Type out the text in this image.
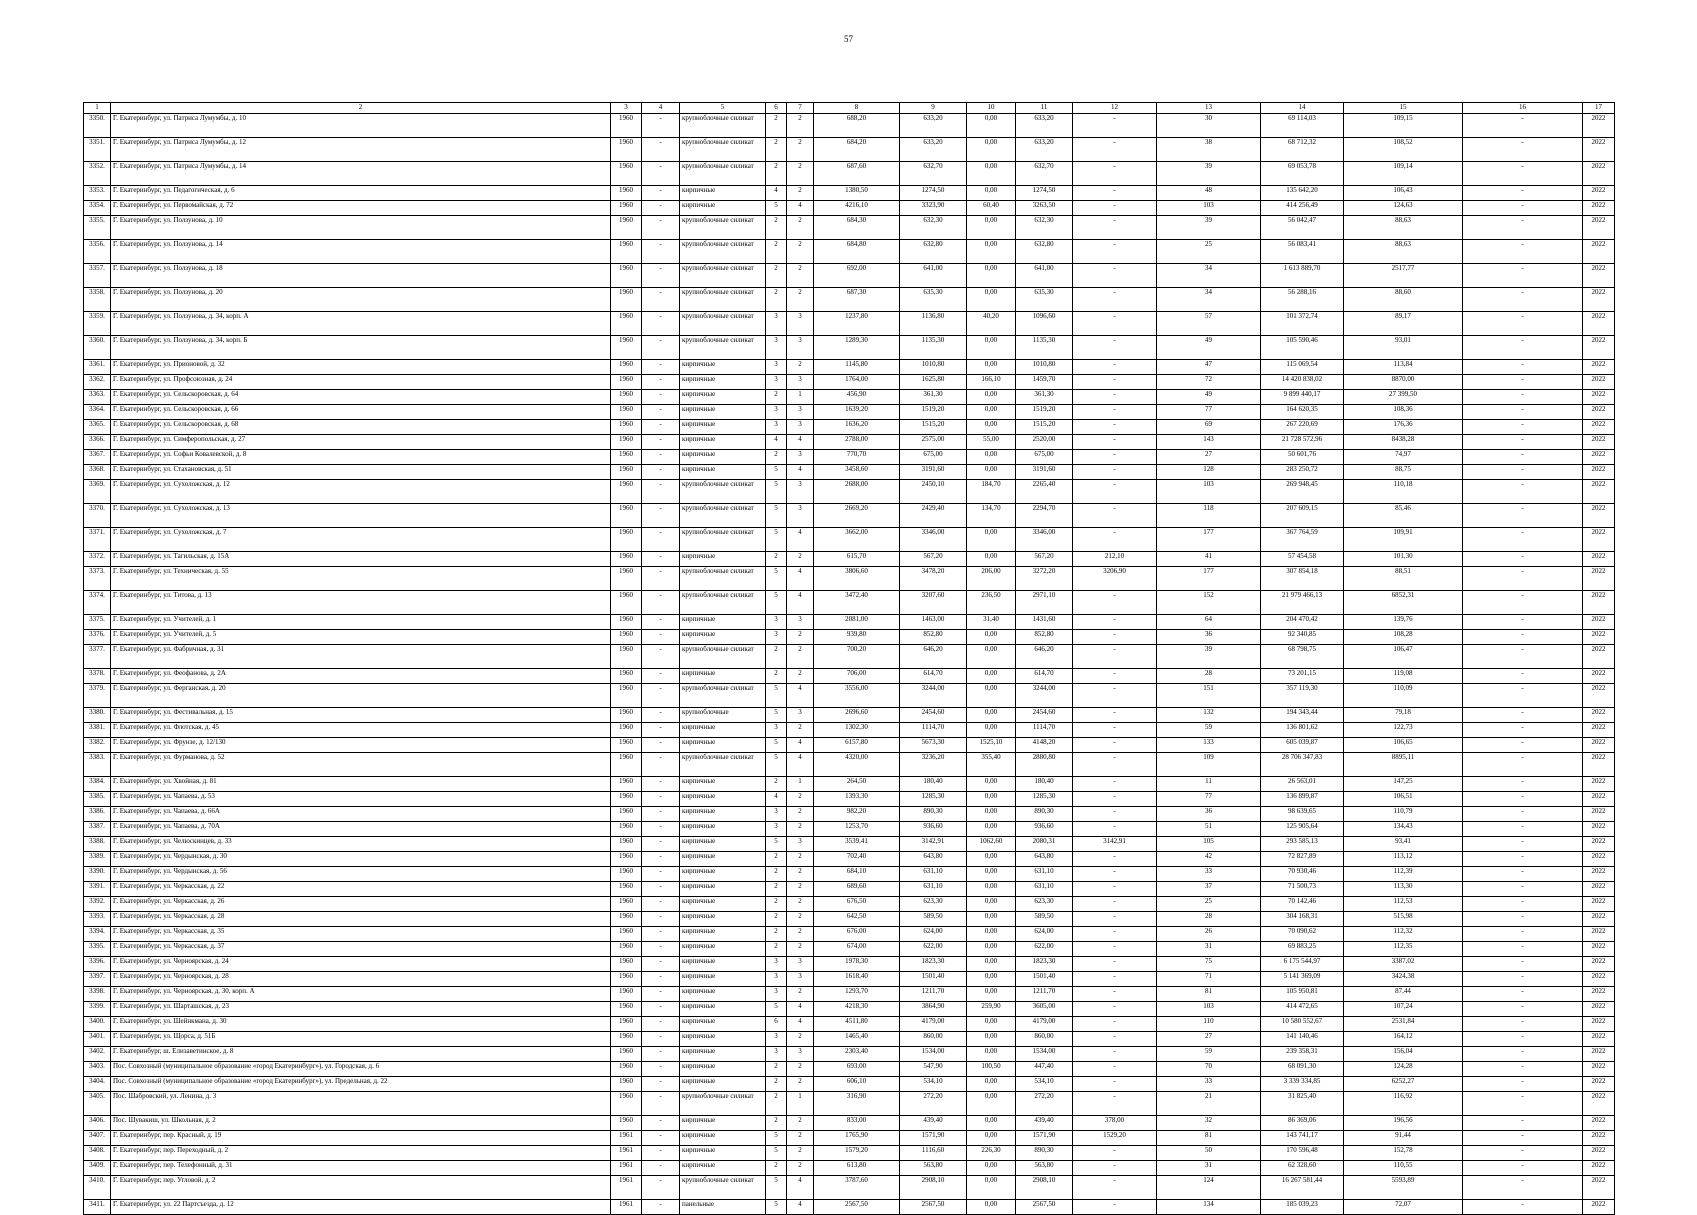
57
1	2	3	4	5	6	7	8	9	10	11	12	13	14	15	16	17
3350.	Г. Екатеринбург, ул. Патриса Лумумбы, д. 10	1960	-	крупноблочные силикат	2	2	688,20	633,20	0,00	633,20	-	30	69 114,03	109,15	-	2022
3351.	Г. Екатеринбург, ул. Патриса Лумумбы, д. 12	1960	-	крупноблочные силикат	2	2	684,20	633,20	0,00	633,20	-	38	68 712,32	108,52	-	2022
3352.	Г. Екатеринбург, ул. Патриса Лумумбы, д. 14	1960	-	крупноблочные силикат	2	2	687,60	632,70	0,00	632,70	-	39	69 053,78	109,14	-	2022
3353.	Г. Екатеринбург, ул. Педагогическая, д. 6	1960	-	кирпичные	4	2	1380,50	1274,50	0,00	1274,50	-	48	135 642,20	106,43	-	2022
3354.	Г. Екатеринбург, ул. Первомайская, д. 72	1960	-	кирпичные	5	4	4216,10	3323,90	60,40	3263,50	-	103	414 256,49	124,63	-	2022
3355.	Г. Екатеринбург, ул. Ползунова, д. 10	1960	-	крупноблочные силикат	2	2	684,30	632,30	0,00	632,30	-	39	56 042,47	88,63	-	2022
3356.	Г. Екатеринбург, ул. Ползунова, д. 14	1960	-	крупноблочные силикат	2	2	684,80	632,80	0,00	632,80	-	25	56 083,41	88,63	-	2022
3357.	Г. Екатеринбург, ул. Ползунова, д. 18	1960	-	крупноблочные силикат	2	2	692,00	641,00	0,00	641,00	-	34	1 613 889,70	2517,77	-	2022
3358.	Г. Екатеринбург, ул. Ползунова, д. 20	1960	-	крупноблочные силикат	2	2	687,30	635,30	0,00	635,30	-	34	56 288,16	88,60	-	2022
3359.	Г. Екатеринбург, ул. Ползунова, д. 34, корп. А	1960	-	крупноблочные силикат	3	3	1237,80	1136,80	40,20	1096,60	-	57	101 372,74	89,17	-	2022
3360.	Г. Екатеринбург, ул. Ползунова, д. 34, корп. Б	1960	-	крупноблочные силикат	3	3	1289,30	1135,30	0,00	1135,30	-	49	105 590,46	93,01	-	2022
3361.	Г. Екатеринбург, ул. Прионовой, д. 32	1960	-	кирпичные	3	2	1145,80	1010,80	0,00	1010,80	-	47	115 069,54	113,84	-	2022
3362.	Г. Екатеринбург, ул. Профсоюзная, д. 24	1960	-	кирпичные	3	3	1764,00	1625,80	166,10	1459,70	-	72	14 420 838,02	8870,00	-	2022
3363.	Г. Екатеринбург, ул. Сельскоровская, д. 64	1960	-	кирпичные	2	1	456,90	361,30	0,00	361,30	-	49	9 899 440,17	27 399,50	-	2022
3364.	Г. Екатеринбург, ул. Сельскоровская, д. 66	1960	-	кирпичные	3	3	1639,20	1519,20	0,00	1519,20	-	77	164 620,35	108,36	-	2022
3365.	Г. Екатеринбург, ул. Сельскоровская, д. 68	1960	-	кирпичные	3	3	1636,20	1515,20	0,00	1515,20	-	69	267 220,69	176,36	-	2022
3366.	Г. Екатеринбург, ул. Симферопольская, д. 27	1960	-	кирпичные	4	4	2788,00	2575,00	55,00	2520,00	-	143	21 728 572,96	8438,28	-	2022
3367.	Г. Екатеринбург, ул. Софьи Ковалевской, д. 8	1960	-	кирпичные	2	3	770,70	675,00	0,00	675,00	-	27	50 601,76	74,97	-	2022
3368.	Г. Екатеринбург, ул. Стахановская, д. 51	1960	-	кирпичные	5	4	3458,60	3191,60	0,00	3191,60	-	128	283 250,72	88,75	-	2022
3369.	Г. Екатеринбург, ул. Сухоложская, д. 12	1960	-	крупноблочные силикат	5	3	2688,00	2450,10	184,70	2265,40	-	103	269 948,45	110,18	-	2022
3370.	Г. Екатеринбург, ул. Сухоложская, д. 13	1960	-	крупноблочные силикат	5	3	2669,20	2429,40	134,70	2294,70	-	118	207 609,15	85,46	-	2022
3371.	Г. Екатеринбург, ул. Сухоложская, д. 7	1960	-	крупноблочные силикат	5	4	3662,00	3346,00	0,00	3346,00	-	177	367 764,59	109,91	-	2022
3372.	Г. Екатеринбург, ул. Тагильская, д. 15А	1960	-	кирпичные	2	2	615,70	567,20	0,00	567,20	212,10	41	57 454,58	101,30	-	2022
3373.	Г. Екатеринбург, ул. Техническая, д. 55	1960	-	крупноблочные силикат	5	4	3806,60	3478,20	206,00	3272,20	3206,90	177	307 854,18	88,51	-	2022
3374.	Г. Екатеринбург, ул. Титова, д. 13	1960	-	крупноблочные силикат	5	4	3472,40	3207,60	236,50	2971,10	-	152	21 979 466,13	6852,31	-	2022
3375.	Г. Екатеринбург, ул. Учителей, д. 1	1960	-	кирпичные	3	3	2081,00	1463,00	31,40	1431,60	-	64	204 470,42	139,76	-	2022
3376.	Г. Екатеринбург, ул. Учителей, д. 5	1960	-	кирпичные	3	2	939,80	852,80	0,00	852,80	-	36	92 340,85	108,28	-	2022
3377.	Г. Екатеринбург, ул. Фабричная, д. 31	1960	-	крупноблочные силикат	2	2	700,20	646,20	0,00	646,20	-	39	68 798,75	106,47	-	2022
3378.	Г. Екатеринбург, ул. Феофанова, д. 2А	1960	-	кирпичные	2	2	706,00	614,70	0,00	614,70	-	28	73 201,15	119,08	-	2022
3379.	Г. Екатеринбург, ул. Ферганская, д. 20	1960	-	крупноблочные силикат	5	4	3556,00	3244,00	0,00	3244,00	-	151	357 119,30	110,09	-	2022
3380.	Г. Екатеринбург, ул. Фестивальная, д. 15	1960	-	крупноблочные	5	3	2696,60	2454,60	0,00	2454,60	-	132	194 343,44	79,18	-	2022
3381.	Г. Екатеринбург, ул. Флотская, д. 45	1960	-	кирпичные	3	2	1302,30	1114,70	0,00	1114,70	-	59	136 801,62	122,73	-	2022
3382.	Г. Екатеринбург, ул. Фрунзе, д. 12/130	1960	-	кирпичные	5	4	6157,80	5673,30	1525,10	4148,20	-	133	605 039,87	106,65	-	2022
3383.	Г. Екатеринбург, ул. Фурманова, д. 52	1960	-	крупноблочные силикат	5	4	4320,00	3236,20	355,40	2880,80	-	109	28 706 347,83	8895,11	-	2022
3384.	Г. Екатеринбург, ул. Хвойная, д. 81	1960	-	кирпичные	2	1	264,50	180,40	0,00	180,40	-	11	26 563,01	147,25	-	2022
3385.	Г. Екатеринбург, ул. Чапаева, д. 53	1960	-	кирпичные	4	2	1393,30	1285,30	0,00	1285,30	-	77	136 899,87	106,51	-	2022
3386.	Г. Екатеринбург, ул. Чапаева, д. 66А	1960	-	кирпичные	3	2	982,20	890,30	0,00	890,30	-	36	98 639,65	110,79	-	2022
3387.	Г. Екатеринбург, ул. Чапаева, д. 70А	1960	-	кирпичные	3	2	1253,70	936,60	0,00	936,60	-	51	125 905,64	134,43	-	2022
3388.	Г. Екатеринбург, ул. Челюскинцев, д. 33	1960	-	кирпичные	5	3	3539,41	3142,91	1062,60	2080,31	3142,91	105	293 585,13	93,41	-	2022
3389.	Г. Екатеринбург, ул. Чердынская, д. 30	1960	-	кирпичные	2	2	702,40	643,80	0,00	643,80	-	42	72 827,89	113,12	-	2022
3390.	Г. Екатеринбург, ул. Чердынская, д. 56	1960	-	кирпичные	2	2	684,10	631,10	0,00	631,10	-	33	70 930,46	112,39	-	2022
3391.	Г. Екатеринбург, ул. Черкасская, д. 22	1960	-	кирпичные	2	2	689,60	631,10	0,00	631,10	-	37	71 500,73	113,30	-	2022
3392.	Г. Екатеринбург, ул. Черкасская, д. 26	1960	-	кирпичные	2	2	676,50	623,30	0,00	623,30	-	25	70 142,46	112,53	-	2022
3393.	Г. Екатеринбург, ул. Черкасская, д. 28	1960	-	кирпичные	2	2	642,50	589,50	0,00	589,50	-	28	304 168,31	515,98	-	2022
3394.	Г. Екатеринбург, ул. Черкасская, д. 35	1960	-	кирпичные	2	2	676,00	624,00	0,00	624,00	-	26	70 090,62	112,32	-	2022
3395.	Г. Екатеринбург, ул. Черкасская, д. 37	1960	-	кирпичные	2	2	674,00	622,00	0,00	622,00	-	31	69 883,25	112,35	-	2022
3396.	Г. Екатеринбург, ул. Черноярская, д. 24	1960	-	кирпичные	3	3	1978,30	1823,30	0,00	1823,30	-	75	6 175 544,97	3387,02	-	2022
3397.	Г. Екатеринбург, ул. Черноярская, д. 28	1960	-	кирпичные	3	3	1618,40	1501,40	0,00	1501,40	-	71	5 141 369,09	3424,38	-	2022
3398.	Г. Екатеринбург, ул. Черноярская, д. 30, корп. А	1960	-	кирпичные	3	2	1293,70	1211,70	0,00	1211,70	-	81	105 950,81	87,44	-	2022
3399.	Г. Екатеринбург, ул. Шарташская, д. 23	1960	-	кирпичные	5	4	4218,30	3864,90	259,90	3605,00	-	103	414 472,65	107,24	-	2022
3400.	Г. Екатеринбург, ул. Шейнкмана, д. 30	1960	-	кирпичные	6	4	4511,80	4179,00	0,00	4179,00	-	110	10 580 552,67	2531,84	-	2022
3401.	Г. Екатеринбург, ул. Щорса, д. 51Б	1960	-	кирпичные	3	2	1465,40	860,00	0,00	860,00	-	27	141 140,46	164,12	-	2022
3402.	Г. Екатеринбург, ш. Елизаветинское, д. 8	1960	-	кирпичные	3	3	2303,40	1534,00	0,00	1534,00	-	59	239 358,31	156,04	-	2022
3403.	Пос. Совхозный (муниципальное образование «город Екатеринбург»), ул. Городская, д. 6	1960	-	кирпичные	2	2	693,00	547,90	100,50	447,40	-	70	68 091,30	124,28	-	2022
3404.	Пос. Совхозный (муниципальное образование «город Екатеринбург»), ул. Предельная, д. 22	1960	-	кирпичные	2	2	606,10	534,10	0,00	534,10	-	33	3 339 334,85	6252,27	-	2022
3405.	Пос. Шабровский, ул. Ленина, д. 3	1960	-	крупноблочные силикат	2	1	316,90	272,20	0,00	272,20	-	21	31 825,40	116,92	-	2022
3406.	Пос. Шувакиш, ул. Школьная, д. 2	1960	-	кирпичные	2	2	833,00	439,40	0,00	439,40	378,00	32	86 369,06	196,56	-	2022
3407.	Г. Екатеринбург, пер. Красный, д. 19	1961	-	кирпичные	5	2	1765,90	1571,90	0,00	1571,90	1529,20	81	143 741,17	91,44	-	2022
3408.	Г. Екатеринбург, пер. Переходный, д. 2	1961	-	кирпичные	5	2	1579,20	1116,60	226,30	890,30	-	50	170 596,48	152,78	-	2022
3409.	Г. Екатеринбург, пер. Телефонный, д. 31	1961	-	кирпичные	2	2	613,80	563,80	0,00	563,80	-	31	62 328,60	110,55	-	2022
3410.	Г. Екатеринбург, пер. Угловой, д. 2	1961	-	крупноблочные силикат	5	4	3787,60	2908,10	0,00	2908,10	-	124	16 267 581,44	5593,89	-	2022
3411.	Г. Екатеринбург, ул. 22 Партсъезда, д. 12	1961	-	панельные	5	4	2567,50	2567,50	0,00	2567,50	-	134	185 039,23	72,07	-	2022
